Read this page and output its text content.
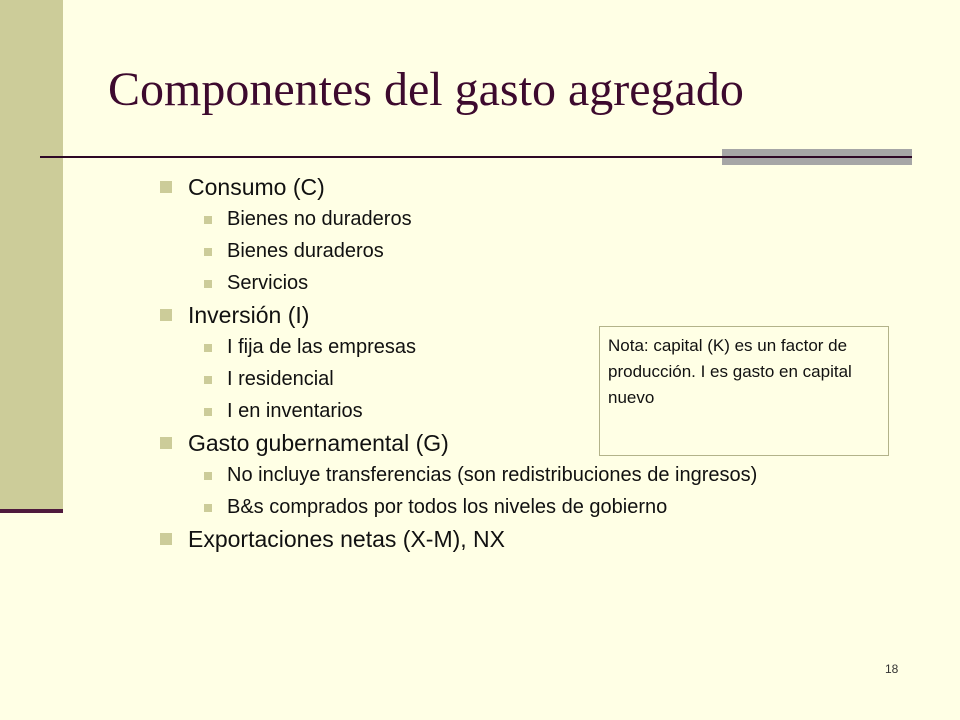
Componentes del gasto agregado
Consumo (C)
Bienes no duraderos
Bienes duraderos
Servicios
Inversión (I)
I fija de las empresas
I residencial
I en inventarios
Gasto gubernamental (G)
No incluye transferencias (son redistribuciones de ingresos)
B&s comprados por todos los niveles de gobierno
Exportaciones netas (X-M), NX
Nota: capital (K) es un factor de producción. I es gasto en capital nuevo
18
